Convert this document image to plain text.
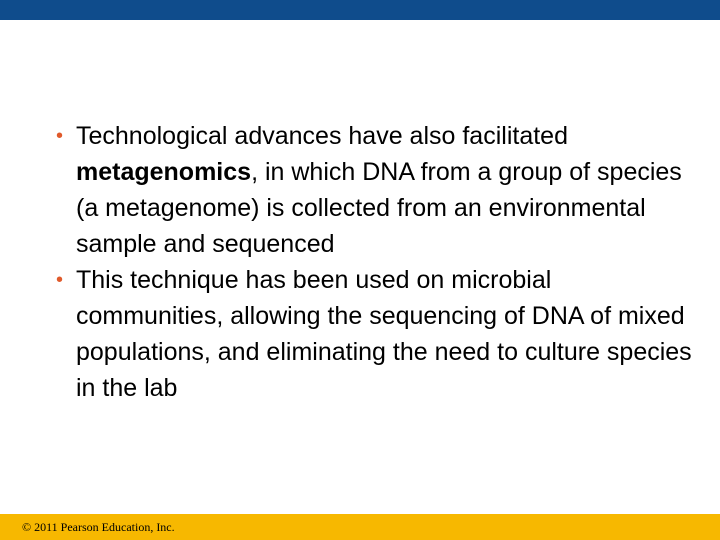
• Technological advances have also facilitated metagenomics, in which DNA from a group of species (a metagenome) is collected from an environmental sample and sequenced

• This technique has been used on microbial communities, allowing the sequencing of DNA of mixed populations, and eliminating the need to culture species in the lab

© 2011 Pearson Education, Inc.
